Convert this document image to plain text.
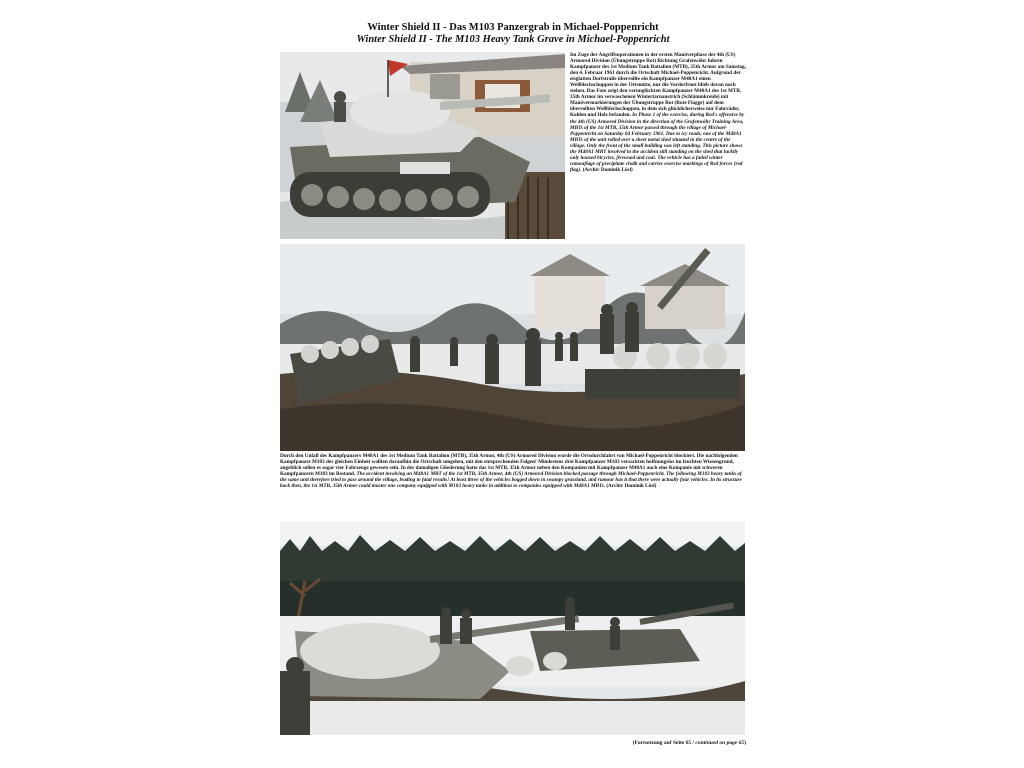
Winter Shield II - Das M103 Panzergrab in Michael-Poppenricht
Winter Shield II - The M103 Heavy Tank Grave in Michael-Poppenricht
Im Zuge der Angriffsoperationen in der ersten Manöverphase der 4th (US) Armored Division (Übungstruppe Rot) Richtung Grafenwöhr fuhren Kampfpanzer des 1st Medium Tank Battalion (MTB), 35th Armor am Samstag, den 4. Februar 1961 durch die Ortschaft Michael-Poppenricht. Aufgrund der eisglatten Dorfstraße überrollte ein Kampfpanzer M48A1 einen Wellblechschuppen in der Ortsmitte, nur die Vorderfront blieb davon noch stehen. Das Foto zeigt den verunglückten Kampfpanzer M48A1 des 1st MTB, 35th Armor im verwaschenen Wintertarnanstrich (Schlämmkreide) mit Manövermarkierungen der Übungstruppe Rot (Rote Flagge) auf dem überrollten Wellblechschuppen, in dem sich glücklicherweise nur Fahrräder, Kohlen und Holz befanden. In Phase 1 of the exercise, during Red's offensive by the 4th (US) Armored Division in the direction of the Grafenwöhr Training Area, MBTs of the 1st MTB, 35th Armor passed through the village of Michael-Poppenricht on Saturday 04 February 1961. Due to icy roads, one of the M48A1 MBTs of the unit rolled over a sheet metal shed situated in the centre of the village. Only the front of the small building was left standing. This picture shows the M48A1 MBT involved in the accident still standing on the shed that luckily only housed bicycles, firewood and coal. The vehicle has a faded winter camouflage of precipitate chalk and carries exercise markings of Red forces (red flag). (Archiv Dominik Lösl)
Durch den Unfall des Kampfpanzers M48A1 des 1st Medium Tank Battalion (MTB), 35th Armor, 4th (US) Armored Division wurde die Ortsdurchfahrt von Michael-Poppenricht blockiert. Die nachfolgenden Kampfpanzer M103 der gleichen Einheit wollten daraufhin die Ortschaft umgehen, mit den entsprechenden Folgen! Mindestens drei Kampfpanzer M103 versackten hoffnungslos im feuchten Wiesengrund, angeblich sollen es sogar vier Fahrzeuge gewesen sein. In der damaligen Gliederung hatte das 1st MTB, 35th Armor neben den Kompanien mit Kampfpanzer M48A1 auch eine Kompanie mit schweren Kampfpanzern M103 im Bestand. The accident involving an M48A1 MBT of the 1st MTB, 35th Armor, 4th (US) Armored Division blocked passage through Michael-Poppenricht. The following M103 heavy tanks of the same unit therefore tried to pass around the village, leading to fatal results! At least three of the vehicles bogged down in swampy grassland, and rumour has it that there were actually four vehicles. In its structure back then, the 1st MTB, 35th Armor could muster one company equipped with M103 heavy tanks in addition to companies equipped with M48A1 MBTs. (Archiv Dominik Lösl)
(Fortsetzung auf Seite 65 / continued on page 65)
